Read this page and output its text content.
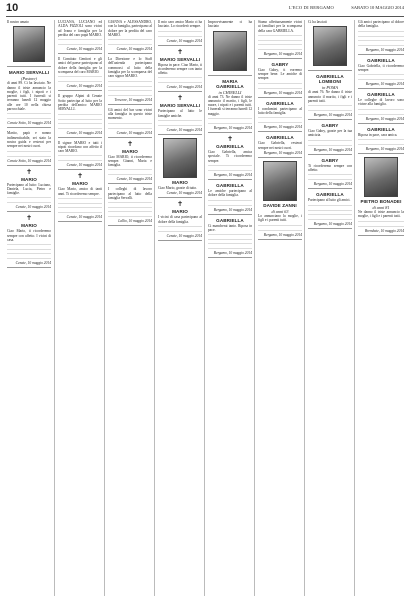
10	L'ECO DI BERGAMO	SABATO 10 MAGGIO 2014

Il nostro amato

MARIO SERVALLI
(Pastore)

di anni 89. Ci ha lasciato. Ne danno il triste annuncio la moglie, i figli, i nipoti e i parenti tutti. I funerali si terranno lunedì 12 maggio alle ore 10 nella chiesa parrocchiale.

Cenate Sotto, 10 maggio 2014

Marito, papà e nonno indimenticabile, sei stato la nostra guida e resterai per sempre nei nostri cuori.

Cenate Sotto, 10 maggio 2014

✝
MARIO

Partecipano al lutto: Luciano, Daniela, Lucia, Pietro e famiglie.

Cenate, 10 maggio 2014

✝
MARIO

Ciao Mario, ti ricorderemo sempre con affetto. I vicini di casa.

Cenate, 10 maggio 2014

LUCIANA, LUCIANO ed ALDA PIZZOLI sono vicini ad Ivana e famiglia per la perdita del caro papà MARIO.

Cenate, 10 maggio 2014

Il Comitato Genitori e gli amici del paese partecipano al dolore della famiglia per la scomparsa del caro MARIO.

Cenate, 10 maggio 2014

Il gruppo Alpini di Cenate Sotto partecipa al lutto per la perdita dell'amico MARIO SERVALLI.

Cenate, 10 maggio 2014

Il signor MARIO e tutti i nipoti ricordano con affetto il caro MARIO.

Cenate, 10 maggio 2014

✝
MARIO

Ciao Mario, amico di tanti anni. Ti ricorderemo sempre.

Cenate, 10 maggio 2014

GIANNA e ALESSANDRO, con la famiglia, partecipano al dolore per la perdita del caro MARIO.

Cenate, 10 maggio 2014

La Direzione e lo Staff dell'azienda partecipano commossi al lutto della famiglia per la scomparsa del caro signor MARIO.

Trescore, 10 maggio 2014

Gli amici del bar sono vicini alla famiglia in questo triste momento.

Cenate, 10 maggio 2014

✝
MARIO

Ciao MARIO, ti ricorderemo sempre. Gianni, Maria e famiglia.

Cenate, 10 maggio 2014

I colleghi di lavoro partecipano al lutto della famiglia Servalli.

Lallio, 10 maggio 2014

Il mio caro amico Mario ci ha lasciato. Lo ricorderò sempre.

Cenate, 10 maggio 2014

✝
MARIO SERVALLI

Riposa in pace. Ciao Mario, ti ricorderemo sempre con tanto affetto.

Cenate, 10 maggio 2014

✝
MARIO SERVALLI

Partecipano al lutto le famiglie amiche.

Cenate, 10 maggio 2014

MARIO

Ciao Mario, grazie di tutto.

Cenate, 10 maggio 2014

✝
MARIO

I vicini di casa partecipano al dolore della famiglia.

Cenate, 10 maggio 2014

Improvvisamente ci ha lasciato

MARIA GABRIELLA
in CHINELLI

di anni 73. Ne danno il triste annuncio il marito, i figli, le nuore, i nipoti e i parenti tutti. I funerali si terranno lunedì 12 maggio.

Bergamo, 10 maggio 2014

✝
GABRIELLA

Ciao Gabriella, amica speciale. Ti ricorderemo sempre.

Bergamo, 10 maggio 2014

GABRIELLA

Le amiche partecipano al dolore della famiglia.

Bergamo, 10 maggio 2014

GABRIELLA

Ci mancherai tanto. Riposa in pace.

Bergamo, 10 maggio 2014

Siamo affettuosamente vicini ai familiari per la scomparsa della cara GABRIELLA.

Bergamo, 10 maggio 2014

GABRY

Ciao Gabry, ti vorremo sempre bene. Le amiche di sempre.

Bergamo, 10 maggio 2014

GABRIELLA

I condomini partecipano al lutto della famiglia.

Bergamo, 10 maggio 2014

GABRIELLA

Ciao Gabriella, resterai sempre nei nostri cuori.

Bergamo, 10 maggio 2014

DAVIDE ZANNI
di anni 63

Lo annunciano la moglie, i figli e i parenti tutti.

Bergamo, 10 maggio 2014

Ci ha lasciati

GABRIELLA LOMBONI
in POMA

di anni 76. Ne danno il triste annuncio il marito, i figli e i parenti tutti.

Bergamo, 10 maggio 2014

GABRY

Ciao Gabry, grazie per la tua amicizia.

Bergamo, 10 maggio 2014

GABRY

Ti ricorderemo sempre con affetto.

Bergamo, 10 maggio 2014

GABRIELLA

Partecipano al lutto gli amici.

Bergamo, 10 maggio 2014

Gli amici partecipano al dolore della famiglia.

Bergamo, 10 maggio 2014

GABRIELLA

Ciao Gabriella, ti ricorderemo sempre.

Bergamo, 10 maggio 2014

GABRIELLA

Le colleghe di lavoro sono vicine alla famiglia.

Bergamo, 10 maggio 2014

GABRIELLA

Riposa in pace, cara amica.

Bergamo, 10 maggio 2014

PIETRO BONADEI
di anni 81

Ne danno il triste annuncio la moglie, i figli e i parenti tutti.

Brembate, 10 maggio 2014
